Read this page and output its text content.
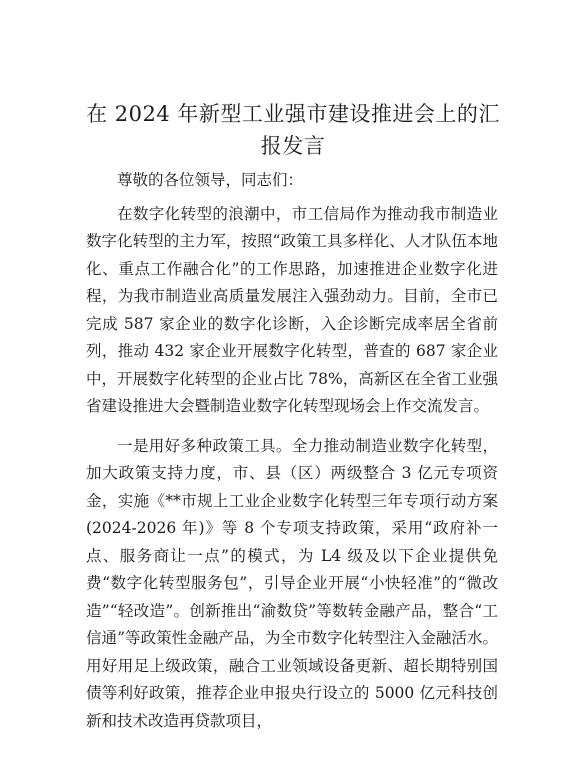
在 2024 年新型工业强市建设推进会上的汇报发言

尊敬的各位领导，同志们：

在数字化转型的浪潮中，市工信局作为推动我市制造业数字化转型的主力军，按照“政策工具多样化、人才队伍本地化、重点工作融合化”的工作思路，加速推进企业数字化进程，为我市制造业高质量发展注入强劲动力。目前，全市已完成 587 家企业的数字化诊断，入企诊断完成率居全省前列，推动 432 家企业开展数字化转型，普查的 687 家企业中，开展数字化转型的企业占比 78%，高新区在全省工业强省建设推进大会暨制造业数字化转型现场会上作交流发言。

一是用好多种政策工具。全力推动制造业数字化转型，加大政策支持力度，市、县（区）两级整合 3 亿元专项资金，实施《**市规上工业企业数字化转型三年专项行动方案(2024-2026 年)》等 8 个专项支持政策，采用“政府补一点、服务商让一点”的模式，为 L4 级及以下企业提供免费“数字化转型服务包”，引导企业开展“小快轻准”的“微改造”“轻改造”。创新推出“渝数贷”等数转金融产品，整合“工信通”等政策性金融产品，为全市数字化转型注入金融活水。用好用足上级政策，融合工业领域设备更新、超长期特别国债等利好政策，推荐企业申报央行设立的 5000 亿元科技创新和技术改造再贷款项目，
